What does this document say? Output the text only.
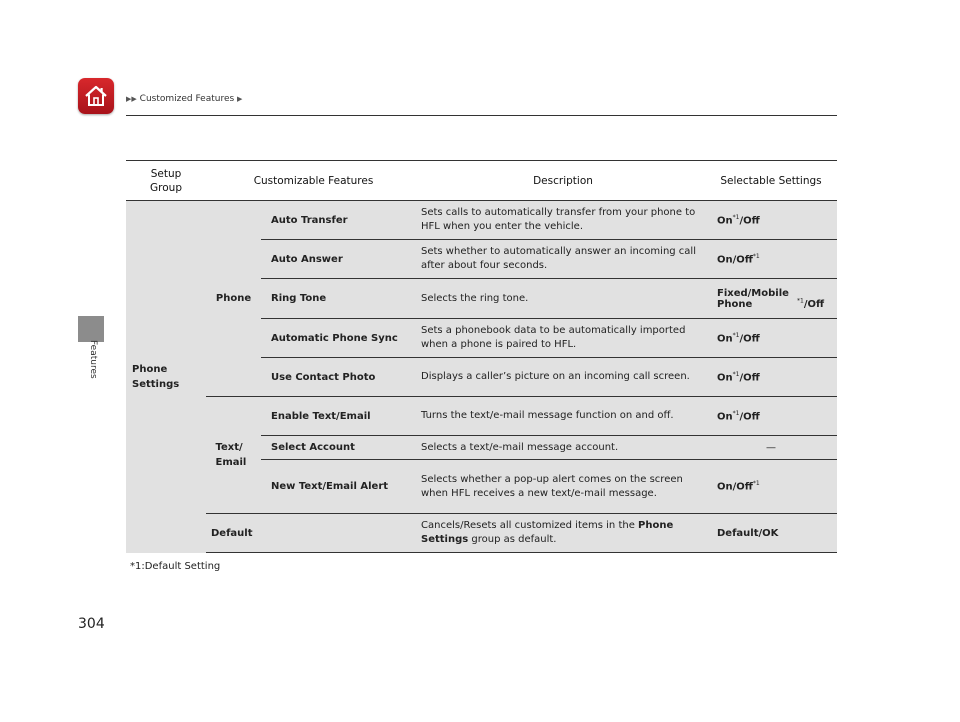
▶▶ Customized Features ▶
Features
Setup Group	Customizable Features		Description	Selectable Settings
Phone Settings	Phone	Auto Transfer	Sets calls to automatically transfer from your phone to HFL when you enter the vehicle.	On$^{*1}$/Off
		Auto Answer	Sets whether to automatically answer an incoming call after about four seconds.	On/Off$^{*1}$
		Ring Tone	Selects the ring tone.	Fixed/Mobile Phone $^{*1}$/Off
		Automatic Phone Sync	Sets a phonebook data to be automatically imported when a phone is paired to HFL.	On$^{*1}$/Off
		Use Contact Photo	Displays a caller’s picture on an incoming call screen.	On$^{*1}$/Off
	Text/ Email	Enable Text/Email	Turns the text/e-mail message function on and off.	On$^{*1}$/Off
		Select Account	Selects a text/e-mail message account.	—
		New Text/Email Alert	Selects whether a pop-up alert comes on the screen when HFL receives a new text/e-mail message.	On/Off$^{*1}$
	Default		Cancels/Resets all customized items in the Phone Settings group as default.	Default/OK
*1:Default Setting
304
